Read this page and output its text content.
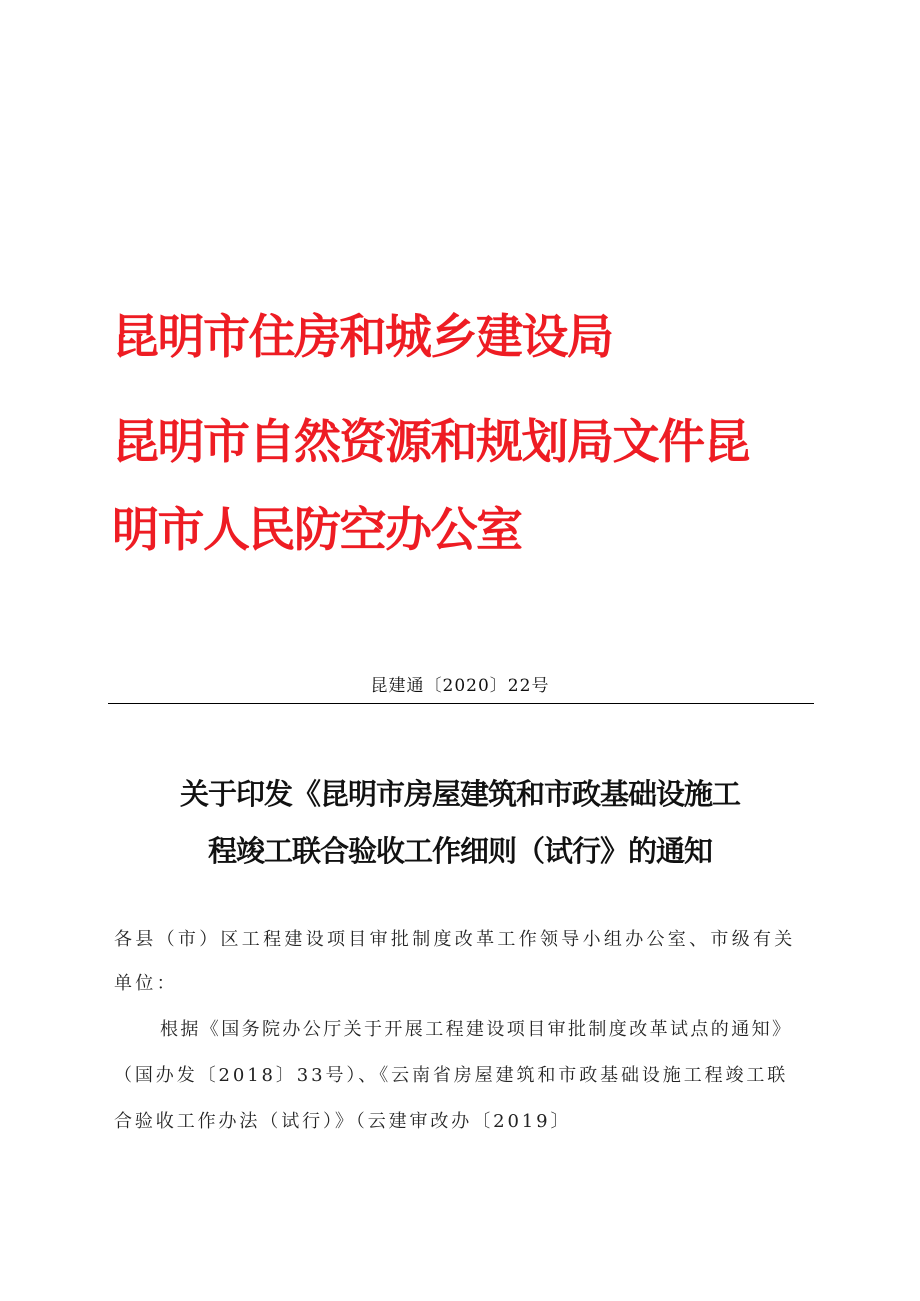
昆明市住房和城乡建设局
昆明市自然资源和规划局文件昆
明市人民防空办公室
昆建通〔2020〕22号
关于印发《昆明市房屋建筑和市政基础设施工
程竣工联合验收工作细则（试行》的通知
各县（市）区工程建设项目审批制度改革工作领导小组办公室、市级有关
单位：
根据《国务院办公厅关于开展工程建设项目审批制度改革试点的通知》
（国办发〔2018〕33号）、《云南省房屋建筑和市政基础设施工程竣工联
合验收工作办法（试行）》（云建审改办〔2019〕
